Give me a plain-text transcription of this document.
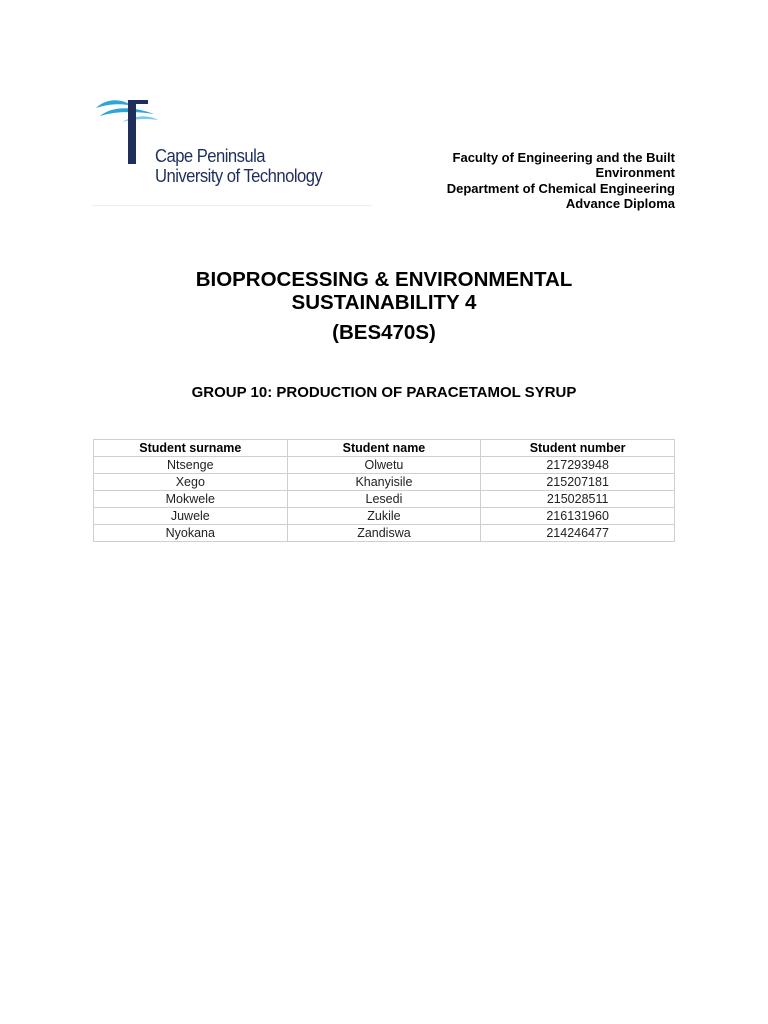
Cape Peninsula
University of Technology
Faculty of Engineering and the Built
Environment
Department of Chemical Engineering
Advance Diploma
BIOPROCESSING & ENVIRONMENTAL
SUSTAINABILITY 4
(BES470S)
GROUP 10: PRODUCTION OF PARACETAMOL SYRUP
Student surname	Student name	Student number
Ntsenge	Olwetu	217293948
Xego	Khanyisile	215207181
Mokwele	Lesedi	215028511
Juwele	Zukile	216131960
Nyokana	Zandiswa	214246477
